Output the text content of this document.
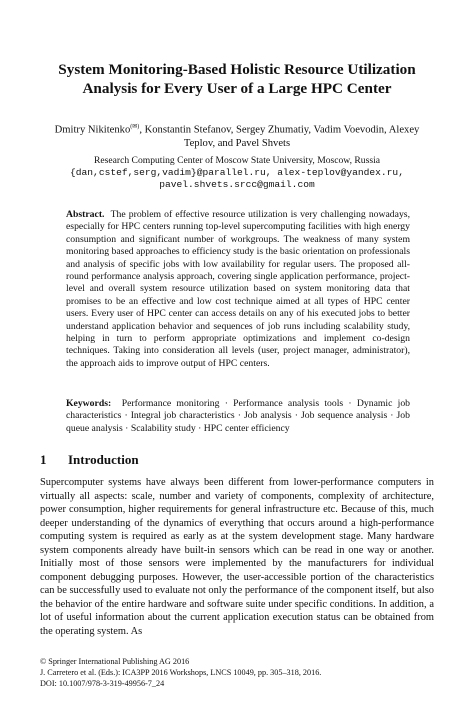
System Monitoring-Based Holistic Resource Utilization Analysis for Every User of a Large HPC Center
Dmitry Nikitenko(✉), Konstantin Stefanov, Sergey Zhumatiy, Vadim Voevodin, Alexey Teplov, and Pavel Shvets
Research Computing Center of Moscow State University, Moscow, Russia
{dan,cstef,serg,vadim}@parallel.ru, alex-teplov@yandex.ru,
pavel.shvets.srcc@gmail.com
Abstract. The problem of effective resource utilization is very challenging nowadays, especially for HPC centers running top-level supercomputing facilities with high energy consumption and significant number of workgroups. The weakness of many system monitoring based approaches to efficiency study is the basic orientation on professionals and analysis of specific jobs with low availability for regular users. The proposed all-round performance analysis approach, covering single application performance, project-level and overall system resource utilization based on system monitoring data that promises to be an effective and low cost technique aimed at all types of HPC center users. Every user of HPC center can access details on any of his executed jobs to better understand application behavior and sequences of job runs including scalability study, helping in turn to perform appropriate optimizations and implement co-design techniques. Taking into consideration all levels (user, project manager, administrator), the approach aids to improve output of HPC centers.
Keywords: Performance monitoring · Performance analysis tools · Dynamic job characteristics · Integral job characteristics · Job analysis · Job sequence analysis · Job queue analysis · Scalability study · HPC center efficiency
1 Introduction
Supercomputer systems have always been different from lower-performance computers in virtually all aspects: scale, number and variety of components, complexity of architecture, power consumption, higher requirements for general infrastructure etc. Because of this, much deeper understanding of the dynamics of everything that occurs around a high-performance computing system is required as early as at the system development stage. Many hardware system components already have built-in sensors which can be read in one way or another. Initially most of those sensors were implemented by the manufacturers for individual component debugging purposes. However, the user-accessible portion of the characteristics can be successfully used to evaluate not only the performance of the component itself, but also the behavior of the entire hardware and software suite under specific conditions. In addition, a lot of useful information about the current application execution status can be obtained from the operating system. As
© Springer International Publishing AG 2016
J. Carretero et al. (Eds.): ICA3PP 2016 Workshops, LNCS 10049, pp. 305–318, 2016.
DOI: 10.1007/978-3-319-49956-7_24
